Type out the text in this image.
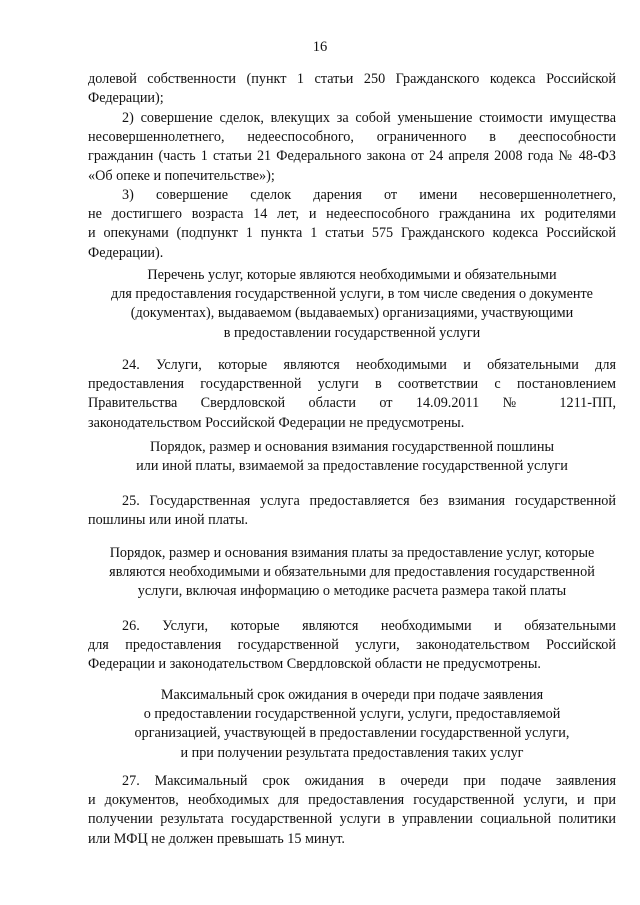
16
долевой собственности (пункт 1 статьи 250 Гражданского кодекса Российской
Федерации);
2) совершение сделок, влекущих за собой уменьшение стоимости имущества
несовершеннолетнего, недееспособного, ограниченного в дееспособности
гражданин (часть 1 статьи 21 Федерального закона от 24 апреля 2008 года № 48-ФЗ
«Об опеке и попечительстве»);
3) совершение сделок дарения от имени несовершеннолетнего,
не достигшего возраста 14 лет, и недееспособного гражданина их родителями
и опекунами (подпункт 1 пункта 1 статьи 575 Гражданского кодекса Российской
Федерации).
Перечень услуг, которые являются необходимыми и обязательными
для предоставления государственной услуги, в том числе сведения о документе
(документах), выдаваемом (выдаваемых) организациями, участвующими
в предоставлении государственной услуги
24. Услуги, которые являются необходимыми и обязательными для
предоставления государственной услуги в соответствии с постановлением
Правительства Свердловской области от 14.09.2011 № 1211-ПП,
законодательством Российской Федерации не предусмотрены.
Порядок, размер и основания взимания государственной пошлины
или иной платы, взимаемой за предоставление государственной услуги
25. Государственная услуга предоставляется без взимания государственной
пошлины или иной платы.
Порядок, размер и основания взимания платы за предоставление услуг, которые
являются необходимыми и обязательными для предоставления государственной
услуги, включая информацию о методике расчета размера такой платы
26. Услуги, которые являются необходимыми и обязательными
для предоставления государственной услуги, законодательством Российской
Федерации и законодательством Свердловской области не предусмотрены.
Максимальный срок ожидания в очереди при подаче заявления
о предоставлении государственной услуги, услуги, предоставляемой
организацией, участвующей в предоставлении государственной услуги,
и при получении результата предоставления таких услуг
27. Максимальный срок ожидания в очереди при подаче заявления
и документов, необходимых для предоставления государственной услуги, и при
получении результата государственной услуги в управлении социальной политики
или МФЦ не должен превышать 15 минут.
